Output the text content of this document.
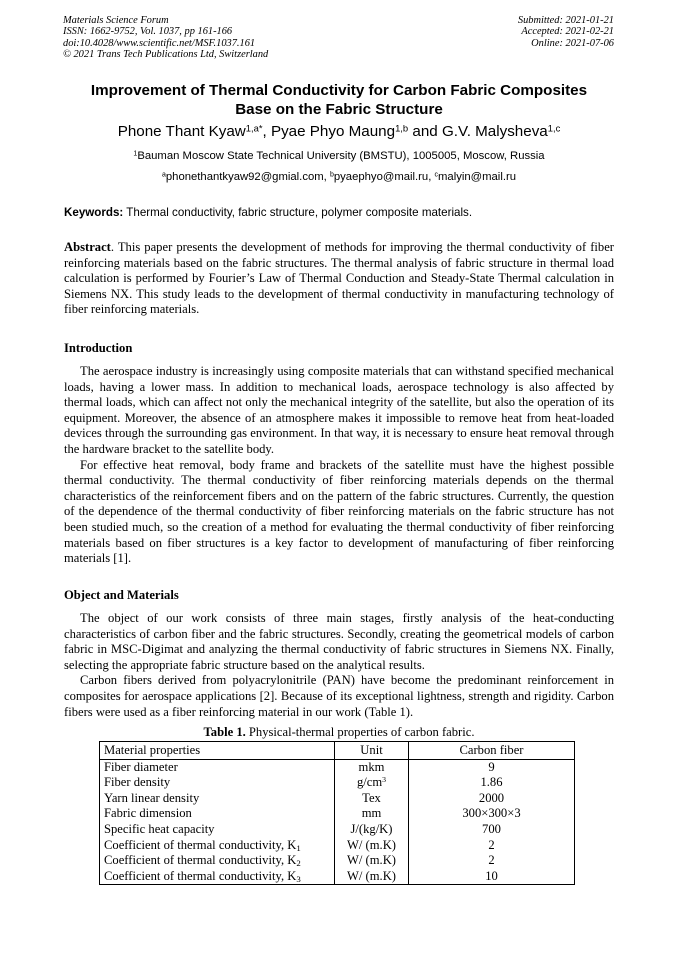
Materials Science Forum
ISSN: 1662-9752, Vol. 1037, pp 161-166
doi:10.4028/www.scientific.net/MSF.1037.161
© 2021 Trans Tech Publications Ltd, Switzerland
Submitted: 2021-01-21
Accepted: 2021-02-21
Online: 2021-07-06
Improvement of Thermal Conductivity for Carbon Fabric Composites
Base on the Fabric Structure
Phone Thant Kyaw$^{1,a*}$, Pyae Phyo Maung$^{1,b}$ and G.V. Malysheva$^{1,c}$
$^1$Bauman Moscow State Technical University (BMSTU), 1005005, Moscow, Russia
$^a$phonethantkyaw92@gmial.com, $^b$pyaephyo@mail.ru, $^c$malyin@mail.ru
Keywords: Thermal conductivity, fabric structure, polymer composite materials.

Abstract. This paper presents the development of methods for improving the thermal conductivity of fiber reinforcing materials based on the fabric structures. The thermal analysis of fabric structure in thermal load calculation is performed by Fourier’s Law of Thermal Conduction and Steady-State Thermal calculation in Siemens NX. This study leads to the development of thermal conductivity in manufacturing technology of fiber reinforcing materials.

Introduction

The aerospace industry is increasingly using composite materials that can withstand specified mechanical loads, having a lower mass. In addition to mechanical loads, aerospace technology is also affected by thermal loads, which can affect not only the mechanical integrity of the satellite, but also the operation of its equipment. Moreover, the absence of an atmosphere makes it impossible to remove heat from heat-loaded devices through the surrounding gas environment. In that way, it is necessary to ensure heat removal through the hardware bracket to the satellite body.

For effective heat removal, body frame and brackets of the satellite must have the highest possible thermal conductivity. The thermal conductivity of fiber reinforcing materials depends on the thermal characteristics of the reinforcement fibers and on the pattern of the fabric structures. Currently, the question of the dependence of the thermal conductivity of fiber reinforcing materials on the fabric structure has not been studied much, so the creation of a method for evaluating the thermal conductivity of fiber reinforcing materials based on fiber structures is a key factor to development of manufacturing of fiber reinforcing materials [1].

Object and Materials

The object of our work consists of three main stages, firstly analysis of the heat-conducting characteristics of carbon fiber and the fabric structures. Secondly, creating the geometrical models of carbon fabric in MSC-Digimat and analyzing the thermal conductivity of fabric structures in Siemens NX. Finally, selecting the appropriate fabric structure based on the analytical results.

Carbon fibers derived from polyacrylonitrile (PAN) have become the predominant reinforcement in composites for aerospace applications [2]. Because of its exceptional lightness, strength and rigidity. Carbon fibers were used as a fiber reinforcing material in our work (Table 1).

Table 1. Physical-thermal properties of carbon fabric.
Material properties	Unit	Carbon fiber
Fiber diameter	mkm	9
Fiber density	$g/cm^3$	1.86
Yarn linear density	Tex	2000
Fabric dimension	mm	300×300×3
Specific heat capacity	J/(kg/K)	700
Coefficient of thermal conductivity, $K_1$	W/ (m.K)	2
Coefficient of thermal conductivity, $K_2$	W/ (m.K)	2
Coefficient of thermal conductivity, $K_3$	W/ (m.K)	10
